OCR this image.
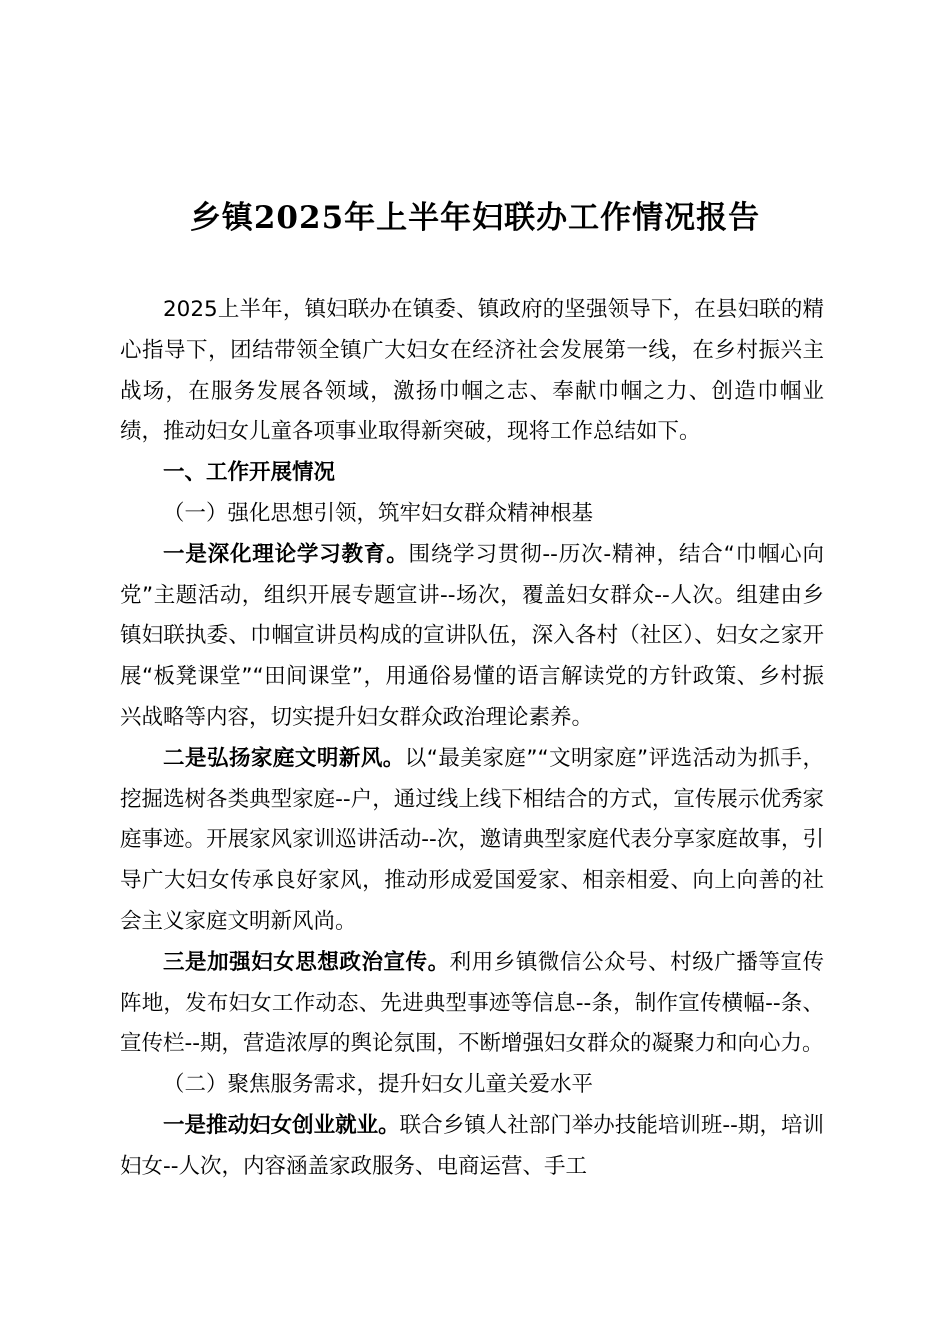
乡镇2025年上半年妇联办工作情况报告

2025上半年，镇妇联办在镇委、镇政府的坚强领导下，在县妇联的精心指导下，团结带领全镇广大妇女在经济社会发展第一线，在乡村振兴主战场，在服务发展各领域，激扬巾帼之志、奉献巾帼之力、创造巾帼业绩，推动妇女儿童各项事业取得新突破，现将工作总结如下。

一、工作开展情况

（一）强化思想引领，筑牢妇女群众精神根基

一是深化理论学习教育。围绕学习贯彻--历次-精神，结合“巾帼心向党”主题活动，组织开展专题宣讲--场次，覆盖妇女群众--人次。组建由乡镇妇联执委、巾帼宣讲员构成的宣讲队伍，深入各村（社区）、妇女之家开展“板凳课堂”“田间课堂”，用通俗易懂的语言解读党的方针政策、乡村振兴战略等内容，切实提升妇女群众政治理论素养。

二是弘扬家庭文明新风。以“最美家庭”“文明家庭”评选活动为抓手，挖掘选树各类典型家庭--户，通过线上线下相结合的方式，宣传展示优秀家庭事迹。开展家风家训巡讲活动--次，邀请典型家庭代表分享家庭故事，引导广大妇女传承良好家风，推动形成爱国爱家、相亲相爱、向上向善的社会主义家庭文明新风尚。

三是加强妇女思想政治宣传。利用乡镇微信公众号、村级广播等宣传阵地，发布妇女工作动态、先进典型事迹等信息--条，制作宣传横幅--条、宣传栏--期，营造浓厚的舆论氛围，不断增强妇女群众的凝聚力和向心力。

（二）聚焦服务需求，提升妇女儿童关爱水平

一是推动妇女创业就业。联合乡镇人社部门举办技能培训班--期，培训妇女--人次，内容涵盖家政服务、电商运营、手工
